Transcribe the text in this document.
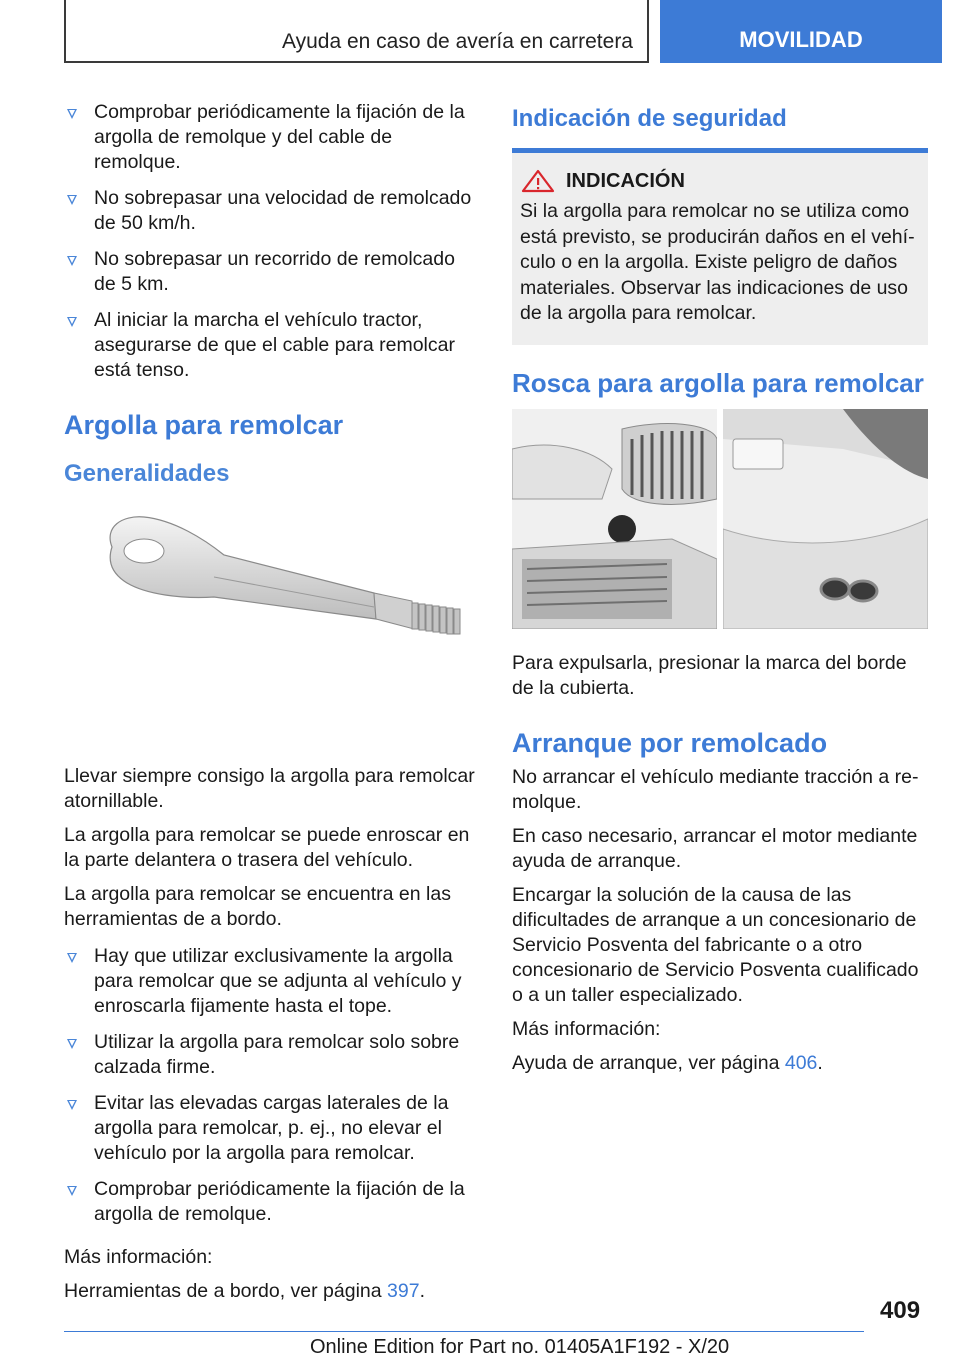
Ayuda en caso de avería en carretera	MOVILIDAD
Comprobar periódicamente la fijación de la argolla de remolque y del cable de remolque.
No sobrepasar una velocidad de remolcado de 50 km/h.
No sobrepasar un recorrido de remolcado de 5 km.
Al iniciar la marcha el vehículo tractor, asegurarse de que el cable para remolcar está tenso.
Argolla para remolcar
Generalidades

Llevar siempre consigo la argolla para remolcar atornillable.

La argolla para remolcar se puede enroscar en la parte delantera o trasera del vehículo.

La argolla para remolcar se encuentra en las herramientas de a bordo.

Hay que utilizar exclusivamente la argolla para remolcar que se adjunta al vehículo y enroscarla fijamente hasta el tope.
Utilizar la argolla para remolcar solo sobre calzada firme.
Evitar las elevadas cargas laterales de la argolla para remolcar, p. ej., no elevar el vehículo por la argolla para remolcar.
Comprobar periódicamente la fijación de la argolla de remolque.

Más información:

Herramientas de a bordo, ver página 397.

Indicación de seguridad
INDICACIÓN

Si la argolla para remolcar no se utiliza como está previsto, se producirán daños en el vehículo o en la argolla. Existe peligro de daños materiales. Observar las indicaciones de uso de la argolla para remolcar.

Rosca para argolla para remolcar

Para expulsarla, presionar la marca del borde de la cubierta.

Arranque por remolcado

No arrancar el vehículo mediante tracción a remolque.

En caso necesario, arrancar el motor mediante ayuda de arranque.

Encargar la solución de la causa de las dificultades de arranque a un concesionario de Servicio Posventa del fabricante o a otro concesionario de Servicio Posventa cualificado o a un taller especializado.

Más información:

Ayuda de arranque, ver página 406.

409
Online Edition for Part no. 01405A1F192 - X/20
